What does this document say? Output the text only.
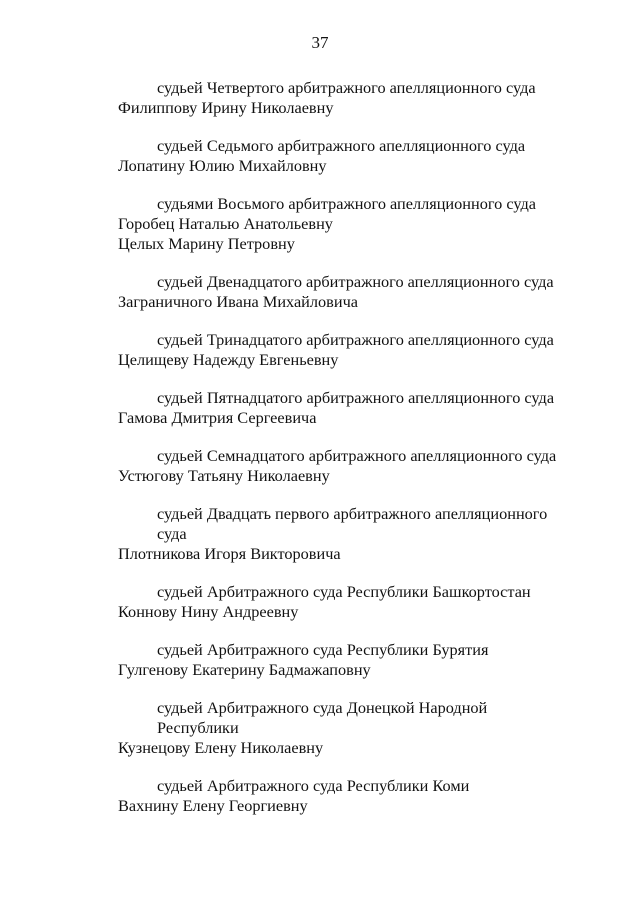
37
судьей Четвертого арбитражного апелляционного суда
Филиппову Ирину Николаевну
судьей Седьмого арбитражного апелляционного суда
Лопатину Юлию Михайловну
судьями Восьмого арбитражного апелляционного суда
Горобец Наталью Анатольевну
Целых Марину Петровну
судьей Двенадцатого арбитражного апелляционного суда
Заграничного Ивана Михайловича
судьей Тринадцатого арбитражного апелляционного суда
Целищеву Надежду Евгеньевну
судьей Пятнадцатого арбитражного апелляционного суда
Гамова Дмитрия Сергеевича
судьей Семнадцатого арбитражного апелляционного суда
Устюгову Татьяну Николаевну
судьей Двадцать первого арбитражного апелляционного
суда
Плотникова Игоря Викторовича
судьей Арбитражного суда Республики Башкортостан
Коннову Нину Андреевну
судьей Арбитражного суда Республики Бурятия
Гулгенову Екатерину Бадмажаповну
судьей Арбитражного суда Донецкой Народной
Республики
Кузнецову Елену Николаевну
судьей Арбитражного суда Республики Коми
Вахнину Елену Георгиевну
